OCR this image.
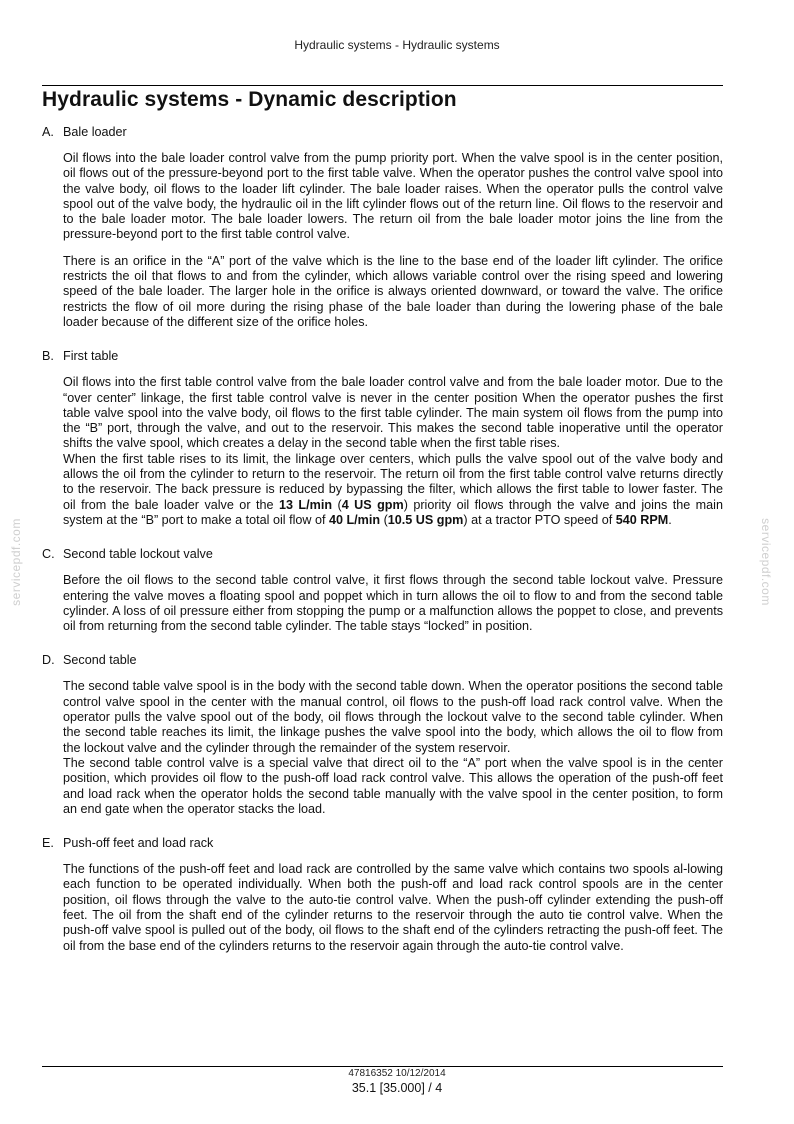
Hydraulic systems - Hydraulic systems
Hydraulic systems - Dynamic description
servicepdf.com	servicepdf.com
A. Bale loader

Oil flows into the bale loader control valve from the pump priority port. When the valve spool is in the center position, oil flows out of the pressure-beyond port to the first table valve. When the operator pushes the control valve spool into the valve body, oil flows to the loader lift cylinder. The bale loader raises. When the operator pulls the control valve spool out of the valve body, the hydraulic oil in the lift cylinder flows out of the return line. Oil flows to the reservoir and to the bale loader motor. The bale loader lowers. The return oil from the bale loader motor joins the line from the pressure-beyond port to the first table control valve.

There is an orifice in the “A” port of the valve which is the line to the base end of the loader lift cylinder. The orifice restricts the oil that flows to and from the cylinder, which allows variable control over the rising speed and lowering speed of the bale loader. The larger hole in the orifice is always oriented downward, or toward the valve. The orifice restricts the flow of oil more during the rising phase of the bale loader than during the lowering phase of the bale loader because of the different size of the orifice holes.

B. First table

Oil flows into the first table control valve from the bale loader control valve and from the bale loader motor. Due to the “over center” linkage, the first table control valve is never in the center position When the operator pushes the first table valve spool into the valve body, oil flows to the first table cylinder. The main system oil flows from the pump into the “B” port, through the valve, and out to the reservoir. This makes the second table inoperative until the operator shifts the valve spool, which creates a delay in the second table when the first table rises.

When the first table rises to its limit, the linkage over centers, which pulls the valve spool out of the valve body and allows the oil from the cylinder to return to the reservoir. The return oil from the first table control valve returns directly to the reservoir. The back pressure is reduced by bypassing the filter, which allows the first table to lower faster. The oil from the bale loader valve or the 13 L/min (4 US gpm) priority oil flows through the valve and joins the main system at the “B” port to make a total oil flow of 40 L/min (10.5 US gpm) at a tractor PTO speed of 540 RPM.

C. Second table lockout valve

Before the oil flows to the second table control valve, it first flows through the second table lockout valve. Pressure entering the valve moves a floating spool and poppet which in turn allows the oil to flow to and from the second table cylinder. A loss of oil pressure either from stopping the pump or a malfunction allows the poppet to close, and prevents oil from returning from the second table cylinder. The table stays “locked” in position.

D. Second table

The second table valve spool is in the body with the second table down. When the operator positions the second table control valve spool in the center with the manual control, oil flows to the push-off load rack control valve. When the operator pulls the valve spool out of the body, oil flows through the lockout valve to the second table cylinder. When the second table reaches its limit, the linkage pushes the valve spool into the body, which allows the oil to flow from the lockout valve and the cylinder through the remainder of the system reservoir.

The second table control valve is a special valve that direct oil to the “A” port when the valve spool is in the center position, which provides oil flow to the push-off load rack control valve. This allows the operation of the push-off feet and load rack when the operator holds the second table manually with the valve spool in the center position, to form an end gate when the operator stacks the load.

E. Push-off feet and load rack

The functions of the push-off feet and load rack are controlled by the same valve which contains two spools al-lowing each function to be operated individually. When both the push-off and load rack control spools are in the center position, oil flows through the valve to the auto-tie control valve. When the push-off cylinder extending the push-off feet. The oil from the shaft end of the cylinder returns to the reservoir through the auto tie control valve. When the push-off valve spool is pulled out of the body, oil flows to the shaft end of the cylinders retracting the push-off feet. The oil from the base end of the cylinders returns to the reservoir again through the auto-tie control valve.

47816352 10/12/2014
35.1 [35.000] / 4
